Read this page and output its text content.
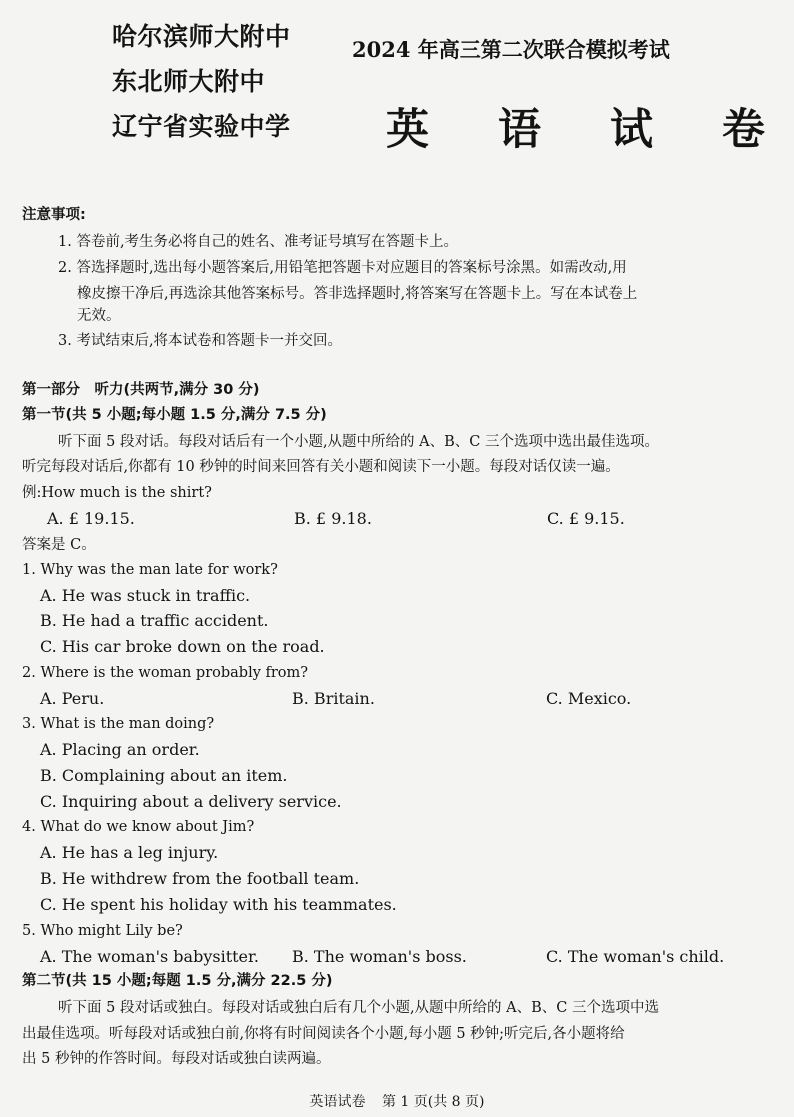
哈尔滨师大附中
东北师大附中
辽宁省实验中学
2024 年高三第二次联合模拟考试
英 语 试 卷
注意事项:
1. 答卷前,考生务必将自己的姓名、准考证号填写在答题卡上。
2. 答选择题时,选出每小题答案后,用铅笔把答题卡对应题目的答案标号涂黑。如需改动,用
橡皮擦干净后,再选涂其他答案标号。答非选择题时,将答案写在答题卡上。写在本试卷上
无效。
3. 考试结束后,将本试卷和答题卡一并交回。
第一部分　听力(共两节,满分 30 分)
第一节(共 5 小题;每小题 1.5 分,满分 7.5 分)
听下面 5 段对话。每段对话后有一个小题,从题中所给的 A、B、C 三个选项中选出最佳选项。
听完每段对话后,你都有 10 秒钟的时间来回答有关小题和阅读下一小题。每段对话仅读一遍。
例:How much is the shirt?
A. £ 19.15.	B. £ 9.18.	C. £ 9.15.
答案是 C。
1. Why was the man late for work?
A. He was stuck in traffic.
B. He had a traffic accident.
C. His car broke down on the road.
2. Where is the woman probably from?
A. Peru.	B. Britain.	C. Mexico.
3. What is the man doing?
A. Placing an order.
B. Complaining about an item.
C. Inquiring about a delivery service.
4. What do we know about Jim?
A. He has a leg injury.
B. He withdrew from the football team.
C. He spent his holiday with his teammates.
5. Who might Lily be?
A. The woman's babysitter. B. The woman's boss.	C. The woman's child.
第二节(共 15 小题;每题 1.5 分,满分 22.5 分)
听下面 5 段对话或独白。每段对话或独白后有几个小题,从题中所给的 A、B、C 三个选项中选
出最佳选项。听每段对话或独白前,你将有时间阅读各个小题,每小题 5 秒钟;听完后,各小题将给
出 5 秒钟的作答时间。每段对话或独白读两遍。
英语试卷 第 1 页(共 8 页)
